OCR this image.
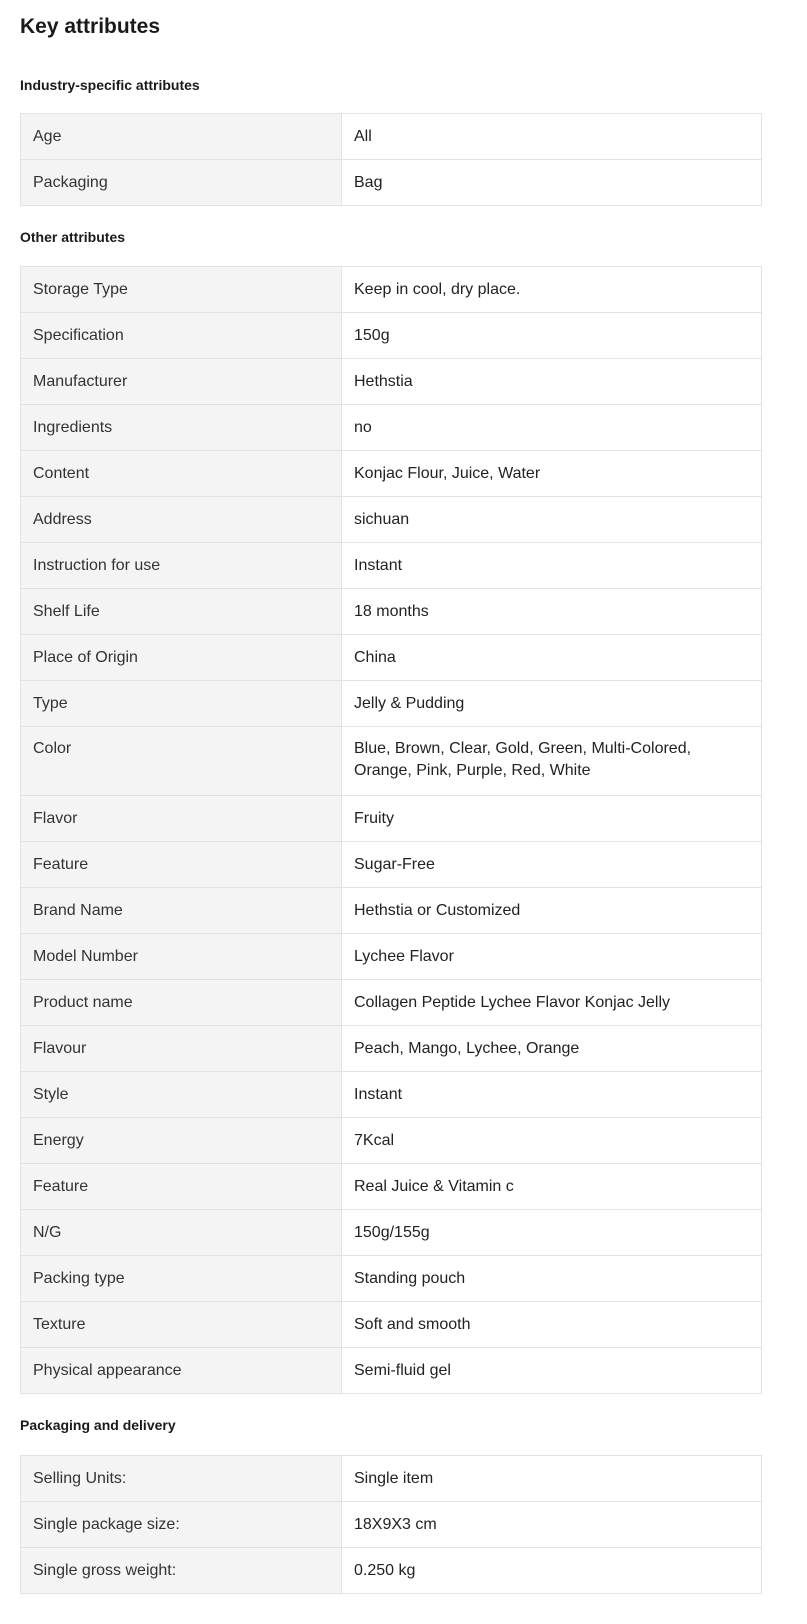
Key attributes
Industry-specific attributes
Age	All
Packaging	Bag
Other attributes
Storage Type	Keep in cool, dry place.
Specification	150g
Manufacturer	Hethstia
Ingredients	no
Content	Konjac Flour, Juice, Water
Address	sichuan
Instruction for use	Instant
Shelf Life	18 months
Place of Origin	China
Type	Jelly & Pudding
Color	Blue, Brown, Clear, Gold, Green, Multi-Colored, Orange, Pink, Purple, Red, White
Flavor	Fruity
Feature	Sugar-Free
Brand Name	Hethstia or Customized
Model Number	Lychee Flavor
Product name	Collagen Peptide Lychee Flavor Konjac Jelly
Flavour	Peach, Mango, Lychee, Orange
Style	Instant
Energy	7Kcal
Feature	Real Juice & Vitamin c
N/G	150g/155g
Packing type	Standing pouch
Texture	Soft and smooth
Physical appearance	Semi-fluid gel
Packaging and delivery
Selling Units:	Single item
Single package size:	18X9X3 cm
Single gross weight:	0.250 kg
